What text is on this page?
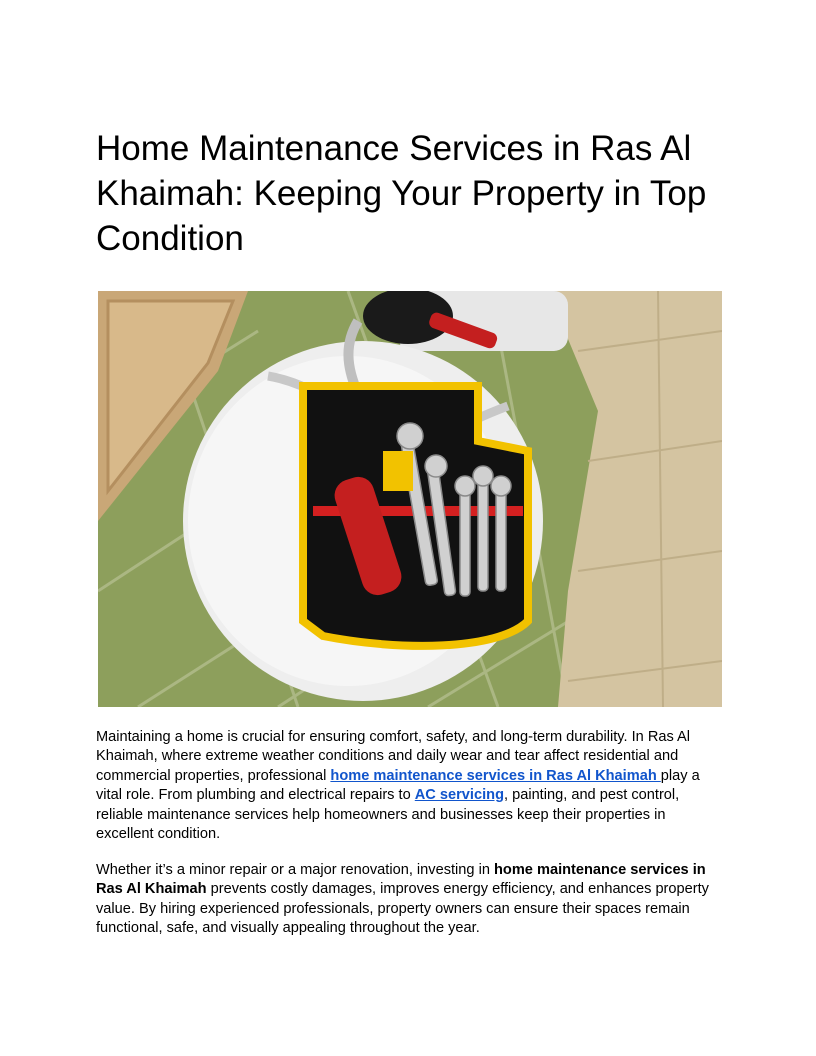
Home Maintenance Services in Ras Al Khaimah: Keeping Your Property in Top Condition

Maintaining a home is crucial for ensuring comfort, safety, and long-term durability. In Ras Al Khaimah, where extreme weather conditions and daily wear and tear affect residential and commercial properties, professional home maintenance services in Ras Al Khaimah play a vital role. From plumbing and electrical repairs to AC servicing, painting, and pest control, reliable maintenance services help homeowners and businesses keep their properties in excellent condition.

Whether it’s a minor repair or a major renovation, investing in home maintenance services in Ras Al Khaimah prevents costly damages, improves energy efficiency, and enhances property value. By hiring experienced professionals, property owners can ensure their spaces remain functional, safe, and visually appealing throughout the year.
